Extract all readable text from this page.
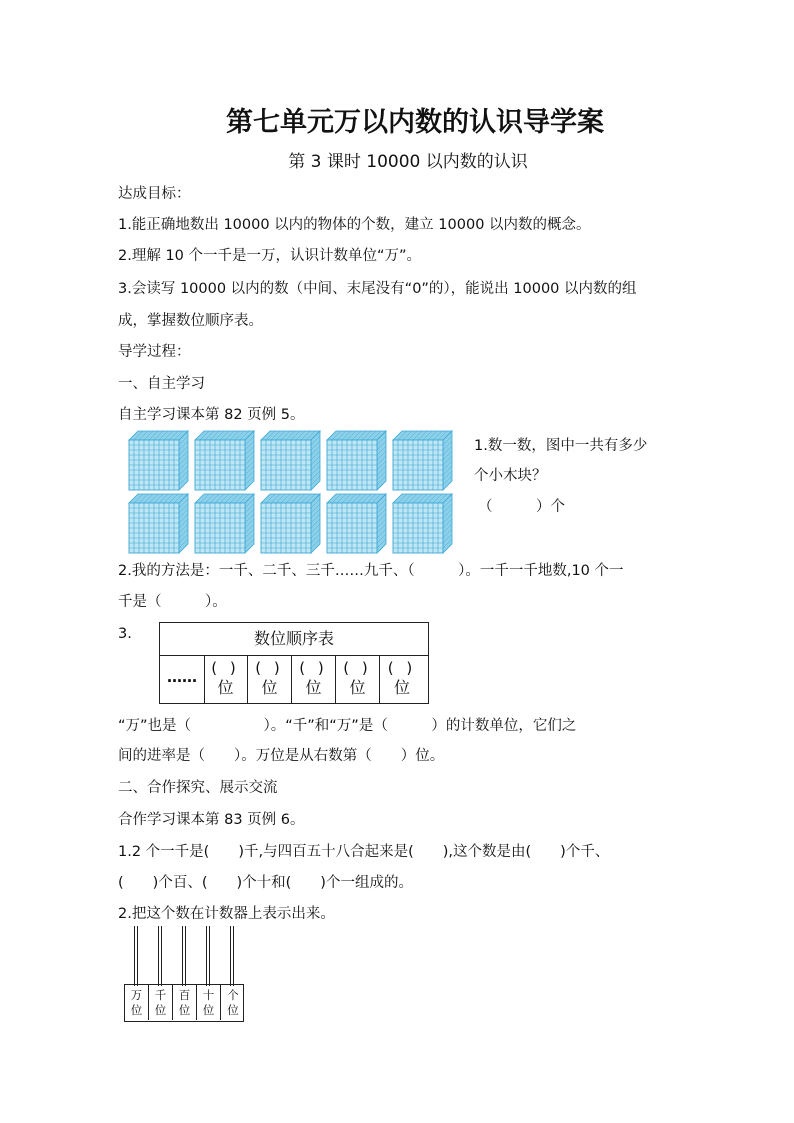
第七单元万以内数的认识导学案
第 3 课时 10000 以内数的认识
达成目标：
1.能正确地数出 10000 以内的物体的个数，建立 10000 以内数的概念。
2.理解 10 个一千是一万，认识计数单位“万”。
3.会读写 10000 以内的数（中间、末尾没有“0”的），能说出 10000 以内数的组
成，掌握数位顺序表。
导学过程：
一、自主学习
自主学习课本第 82 页例 5。
1.数一数，图中一共有多少
个小木块？
（　　　）个
2.我的方法是：一千、二千、三千……九千、（　　　）。一千一千地数,10 个一
千是（　　　）。
3.	数位顺序表
…… ( )
位
( )
位
( )
位
( )
位
( )
位
“万”也是（　　　　　）。“千”和“万”是（　　　）的计数单位，它们之
间的进率是（　　）。万位是从右数第（　　）位。
二、合作探究、展示交流
合作学习课本第 83 页例 6。
1.2 个一千是(　　)千,与四百五十八合起来是(　　),这个数是由(　　)个千、
(　　)个百、(　　)个十和(　　)个一组成的。
2.把这个数在计数器上表示出来。
万
位
千
位
百
位
十
位
个
位
